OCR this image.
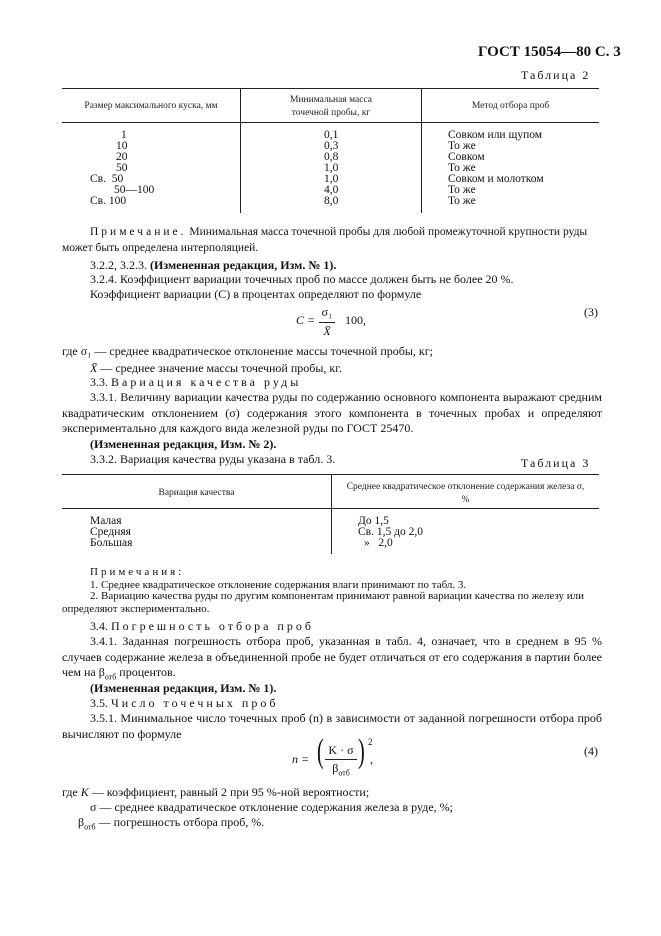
ГОСТ 15054—80 С. 3
Таблица 2
Размер максимального куска, мм
Минимальная масса
точечной пробы, кг
Метод отбора проб
1
10
20
50
Св.  50
50—100
Св. 100
0,1
0,3
0,8
1,0
1,0
4,0
8,0
Совком или щупом
То же
Совком
То же
Совком и молотком
То же
То же
Примечание. Минимальная масса точечной пробы для любой промежуточной крупности руды может быть определена интерполяцией.
3.2.2, 3.2.3. (Измененная редакция, Изм. № 1).
3.2.4. Коэффициент вариации точечных проб по массе должен быть не более 20 %.
Коэффициент вариации (C) в процентах определяют по формуле
C =
σ₁
X̄
100,
(3)
где σ₁ — среднее квадратическое отклонение массы точечной пробы, кг;
X̄ — среднее значение массы точечной пробы, кг.
3.3. Вариация качества руды
3.3.1. Величину вариации качества руды по содержанию основного компонента выражают средним квадратическим отклонением (σ) содержания этого компонента в точечных пробах и определяют экспериментально для каждого вида железной руды по ГОСТ 25470.
(Измененная редакция, Изм. № 2).
3.3.2. Вариация качества руды указана в табл. 3.	Таблица 3
Вариация качества
Среднее квадратическое отклонение содержания железа σ,
%
Малая
Средняя
Большая
До 1,5
Св. 1,5 до 2,0
»   2,0
Примечания:
1. Среднее квадратическое отклонение содержания влаги принимают по табл. 3.
2. Вариацию качества руды по другим компонентам принимают равной вариации качества по железу или определяют экспериментально.
3.4. Погрешность отбора проб
3.4.1. Заданная погрешность отбора проб, указанная в табл. 4, означает, что в среднем в 95 % случаев содержание железа в объединенной пробе не будет отличаться от его содержания в партии более чем на $\beta_{отб}$ процентов.
(Измененная редакция, Изм. № 1).
3.5. Число точечных проб
3.5.1. Минимальное число точечных проб (n) в зависимости от заданной погрешности отбора проб вычисляют по формуле
n = ( K · σ
$\beta_{отб}$
) 2
,
(4)
где K — коэффициент, равный 2 при 95 %-ной вероятности;
σ — среднее квадратическое отклонение содержания железа в руде, %;
$\beta_{отб}$ — погрешность отбора проб, %.
